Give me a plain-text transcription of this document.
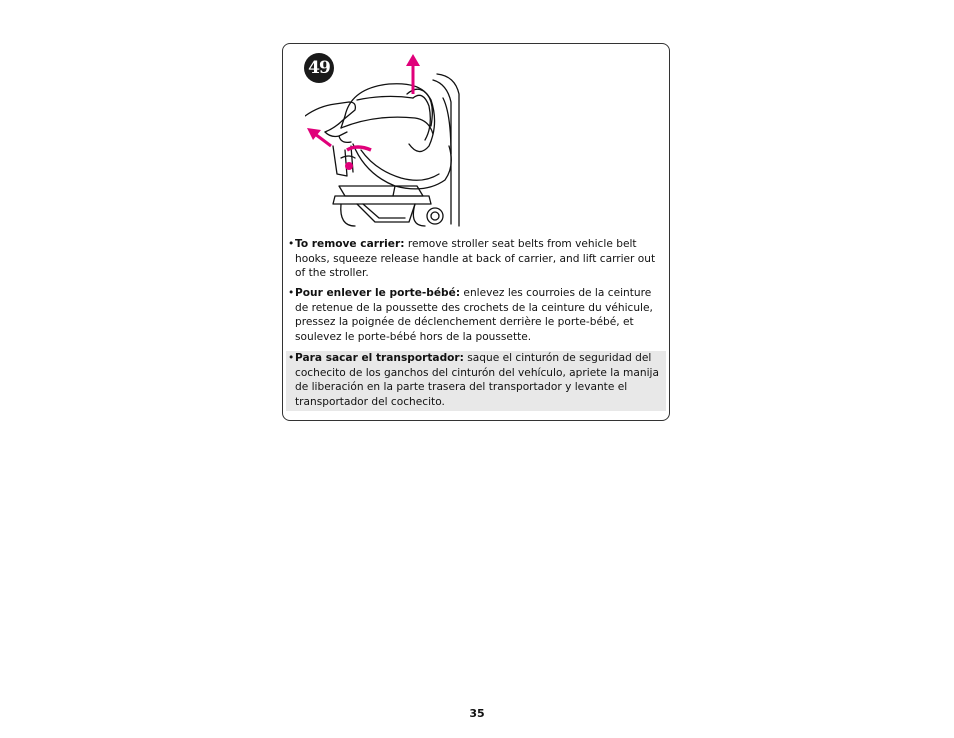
49
• To remove carrier: remove stroller seat belts from vehicle belt hooks, squeeze release handle at back of carrier, and lift carrier out of the stroller.
• Pour enlever le porte-bébé: enlevez les courroies de la ceinture de retenue de la poussette des crochets de la ceinture du véhicule, pressez la poignée de déclenchement derrière le porte-bébé, et soulevez le porte-bébé hors de la poussette.
• Para sacar el transportador: saque el cinturón de seguridad del cochecito de los ganchos del cinturón del vehículo, apriete la manija de liberación en la parte trasera del transportador y levante el transportador del cochecito.
35
